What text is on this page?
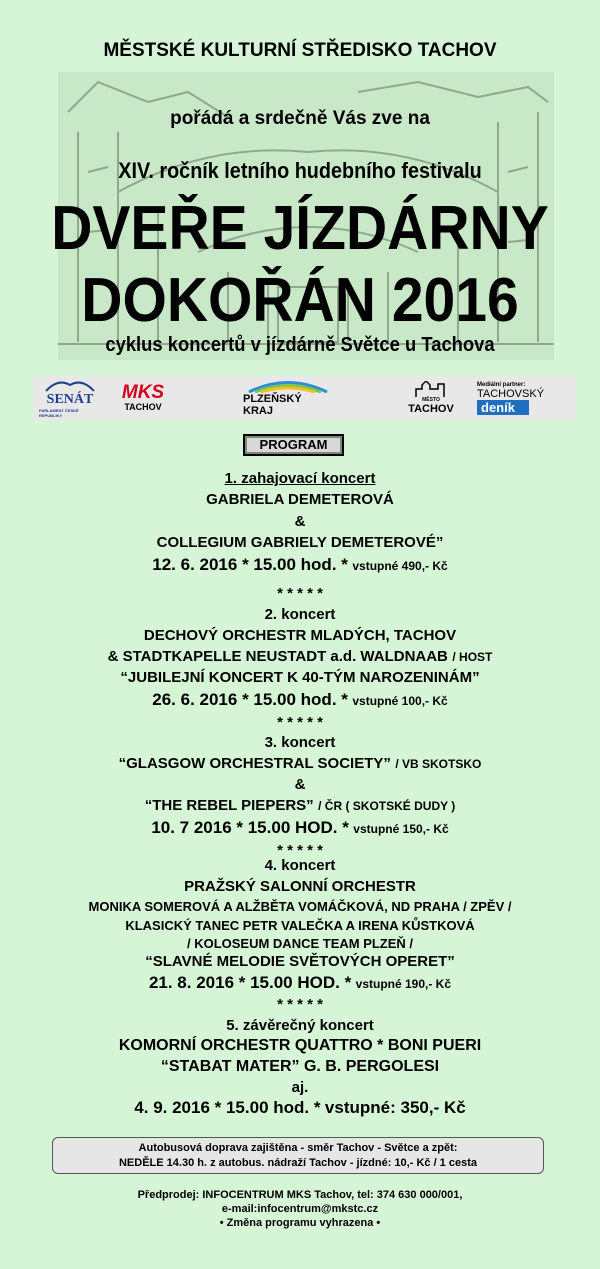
MĚSTSKÉ KULTURNÍ STŘEDISKO TACHOV
pořádá a srdečně Vás zve na
XIV. ročník letního hudebního festivalu
DVEŘE JÍZDÁRNY
DOKOŘÁN 2016
cyklus koncertů v jízdárně Světce u Tachova
SENÁT
PARLAMENT ČESKÉ REPUBLIKY
MKS
TACHOV
PLZEŇSKÝ KRAJ
MĚSTO
TACHOV
Mediální partner:
TACHOVSKÝ
deník
PROGRAM
1. zahajovací koncert
GABRIELA DEMETEROVÁ
&
COLLEGIUM GABRIELY DEMETEROVÉ”
12. 6. 2016 * 15.00 hod. * vstupné 490,- Kč
* * * * *
2. koncert
DECHOVÝ ORCHESTR MLADÝCH, TACHOV
& STADTKAPELLE NEUSTADT a.d. WALDNAAB / HOST
“JUBILEJNÍ KONCERT K 40-TÝM NAROZENINÁM”
26. 6. 2016 * 15.00 hod. * vstupné 100,- Kč
* * * * *
3. koncert
“GLASGOW ORCHESTRAL SOCIETY” / VB SKOTSKO
&
“THE REBEL PIEPERS” / ČR ( SKOTSKÉ DUDY )
10. 7 2016 * 15.00 HOD. * vstupné 150,- Kč
* * * * *
4. koncert
PRAŽSKÝ SALONNÍ ORCHESTR
MONIKA SOMEROVÁ A ALŽBĚTA VOMÁČKOVÁ, ND PRAHA / ZPĚV /
KLASICKÝ TANEC PETR VALEČKA A IRENA KŮSTKOVÁ
/ KOLOSEUM DANCE TEAM PLZEŇ /
“SLAVNÉ MELODIE SVĚTOVÝCH OPERET”
21. 8. 2016 * 15.00 HOD. * vstupné 190,- Kč
* * * * *
5. závěrečný koncert
KOMORNÍ ORCHESTR QUATTRO * BONI PUERI
“STABAT MATER” G. B. PERGOLESI
aj.
4. 9. 2016 * 15.00 hod. * vstupné: 350,- Kč
Autobusová doprava zajištěna - směr Tachov - Světce a zpět:
NEDĚLE 14.30 h. z autobus. nádraží Tachov - jízdné: 10,- Kč / 1 cesta
Předprodej: INFOCENTRUM MKS Tachov, tel: 374 630 000/001,
e-mail:infocentrum@mkstc.cz
• Změna programu vyhrazena •
